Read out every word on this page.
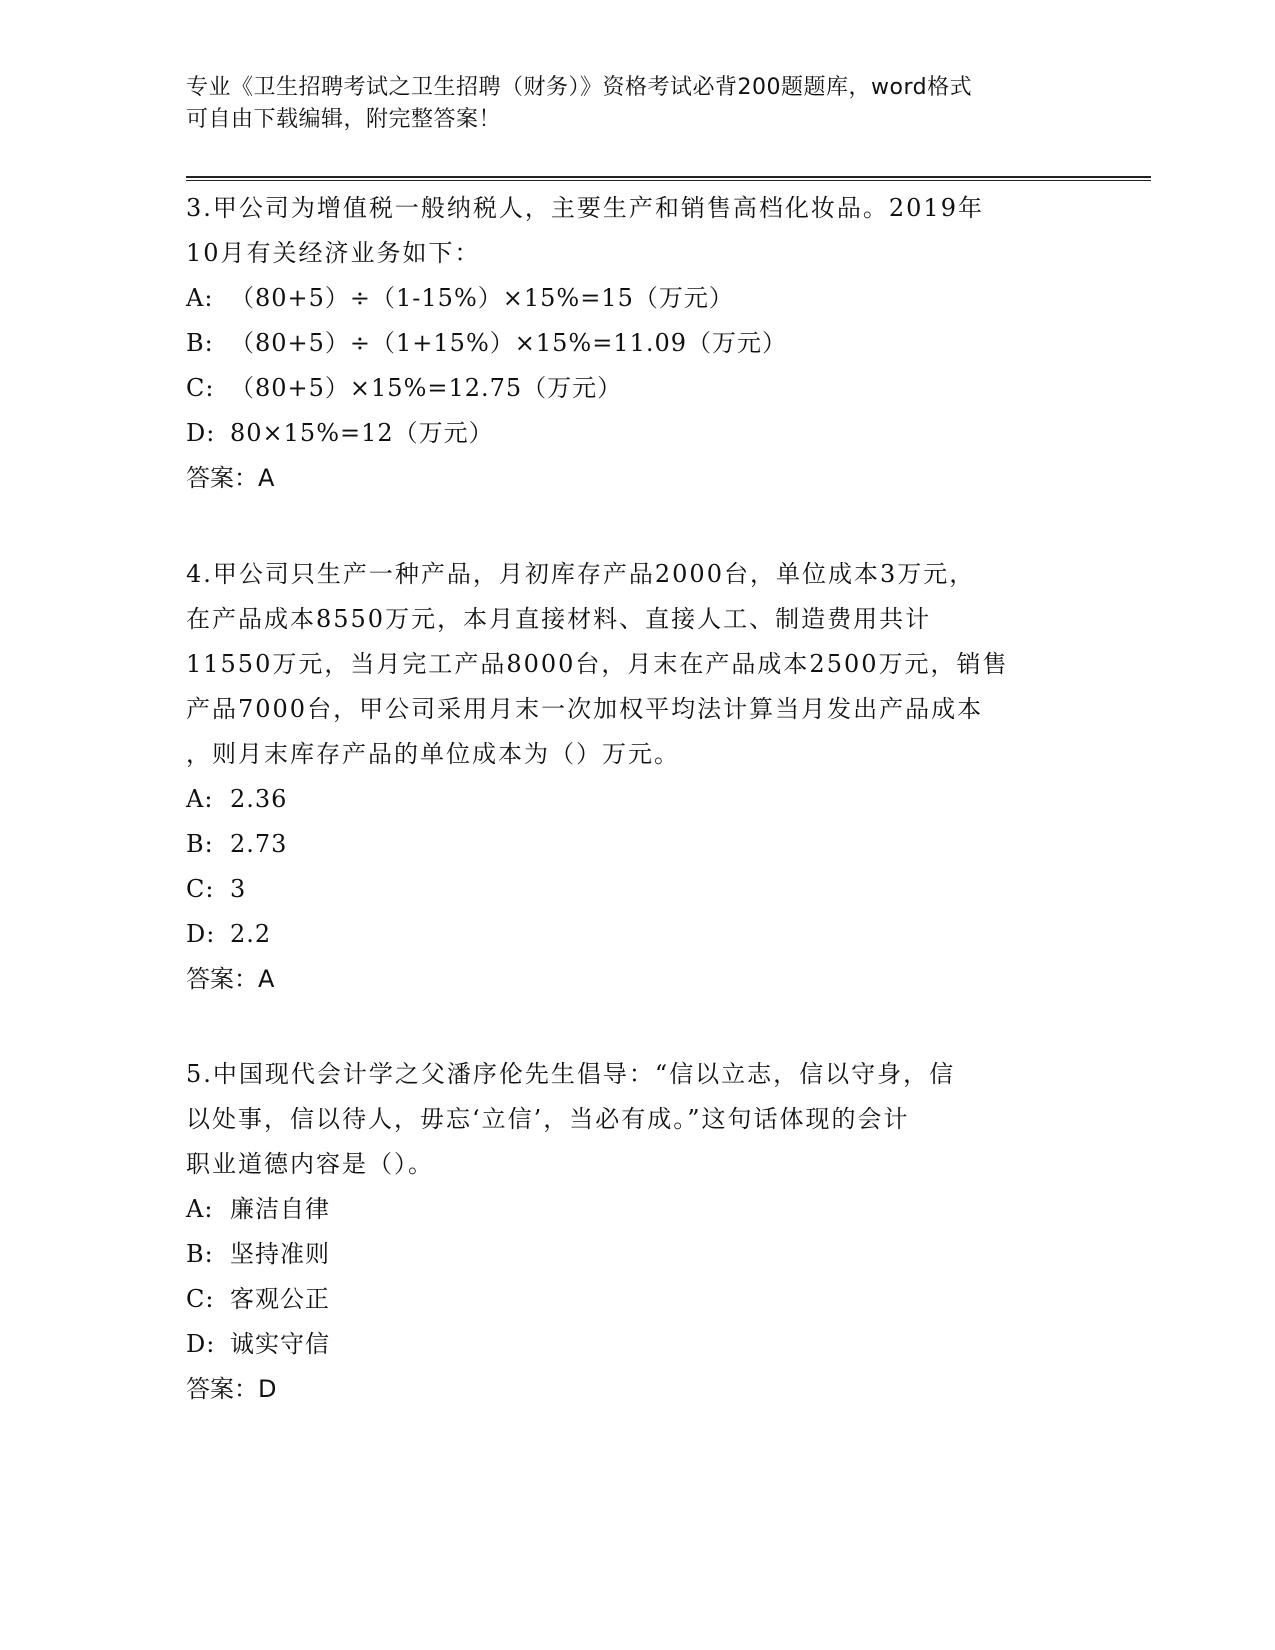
专业《卫生招聘考试之卫生招聘（财务）》资格考试必背200题题库，word格式
可自由下载编辑，附完整答案！

3.甲公司为增值税一般纳税人，主要生产和销售高档化妆品。2019年

10月有关经济业务如下：

A: （80+5）÷（1-15%）×15%=15（万元）

B: （80+5）÷（1+15%）×15%=11.09（万元）

C: （80+5）×15%=12.75（万元）

D: 80×15%=12（万元）

答案：A

4.甲公司只生产一种产品，月初库存产品2000台，单位成本3万元，

在产品成本8550万元，本月直接材料、直接人工、制造费用共计

11550万元，当月完工产品8000台，月末在产品成本2500万元，销售

产品7000台，甲公司采用月末一次加权平均法计算当月发出产品成本

，则月末库存产品的单位成本为（）万元。

A: 2.36

B: 2.73

C: 3

D: 2.2

答案：A

5.中国现代会计学之父潘序伦先生倡导：“信以立志，信以守身，信

以处事，信以待人，毋忘‘立信’，当必有成。”这句话体现的会计

职业道德内容是（）。

A: 廉洁自律

B: 坚持准则

C: 客观公正

D: 诚实守信

答案：D
